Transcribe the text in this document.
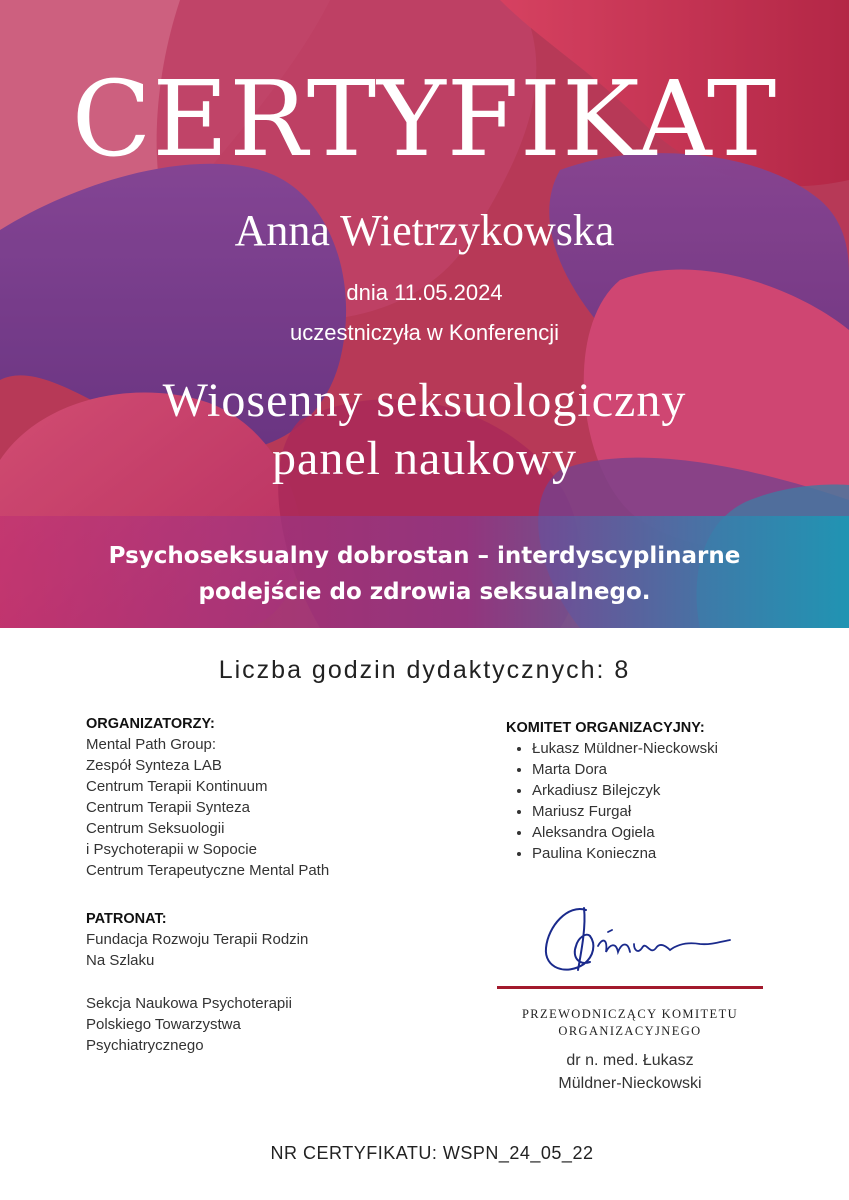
CERTYFIKAT
Anna Wietrzykowska
dnia 11.05.2024
uczestniczyła w Konferencji
Wiosenny seksuologiczny
panel naukowy
Psychoseksualny dobrostan – interdyscyplinarne
podejście do zdrowia seksualnego.
Liczba godzin dydaktycznych: 8
ORGANIZATORZY:
Mental Path Group:
Zespół Synteza LAB
Centrum Terapii Kontinuum
Centrum Terapii Synteza
Centrum Seksuologii
i Psychoterapii w Sopocie
Centrum Terapeutyczne Mental Path
PATRONAT:
Fundacja Rozwoju Terapii Rodzin
Na Szlaku
Sekcja Naukowa Psychoterapii
Polskiego Towarzystwa
Psychiatrycznego
KOMITET ORGANIZACYJNY:
• Łukasz Müldner-Nieckowski
• Marta Dora
• Arkadiusz Bilejczyk
• Mariusz Furgał
• Aleksandra Ogiela
• Paulina Konieczna
PRZEWODNICZĄCY KOMITETU
ORGANIZACYJNEGO
dr n. med. Łukasz
Müldner-Nieckowski
NR CERTYFIKATU: WSPN_24_05_22
